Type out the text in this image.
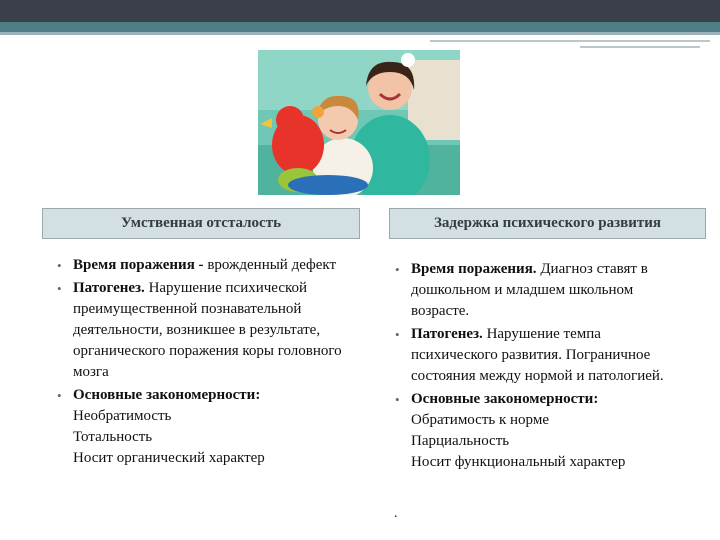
Умственная отсталость	Задержка психического развития
• Время поражения - врожденный дефект
• Патогенез. Нарушение психической преимущественной познавательной деятельности, возникшее в результате, органического поражения коры головного мозга
• Основные закономерности:
Необратимость
Тотальность
Носит органический характер
• Время поражения. Диагноз ставят в дошкольном и младшем школьном возрасте.
• Патогенез. Нарушение темпа психического развития. Пограничное состояния между нормой и патологией.
• Основные закономерности:
Обратимость к норме
Парциальность
Носит функциональный характер
.
